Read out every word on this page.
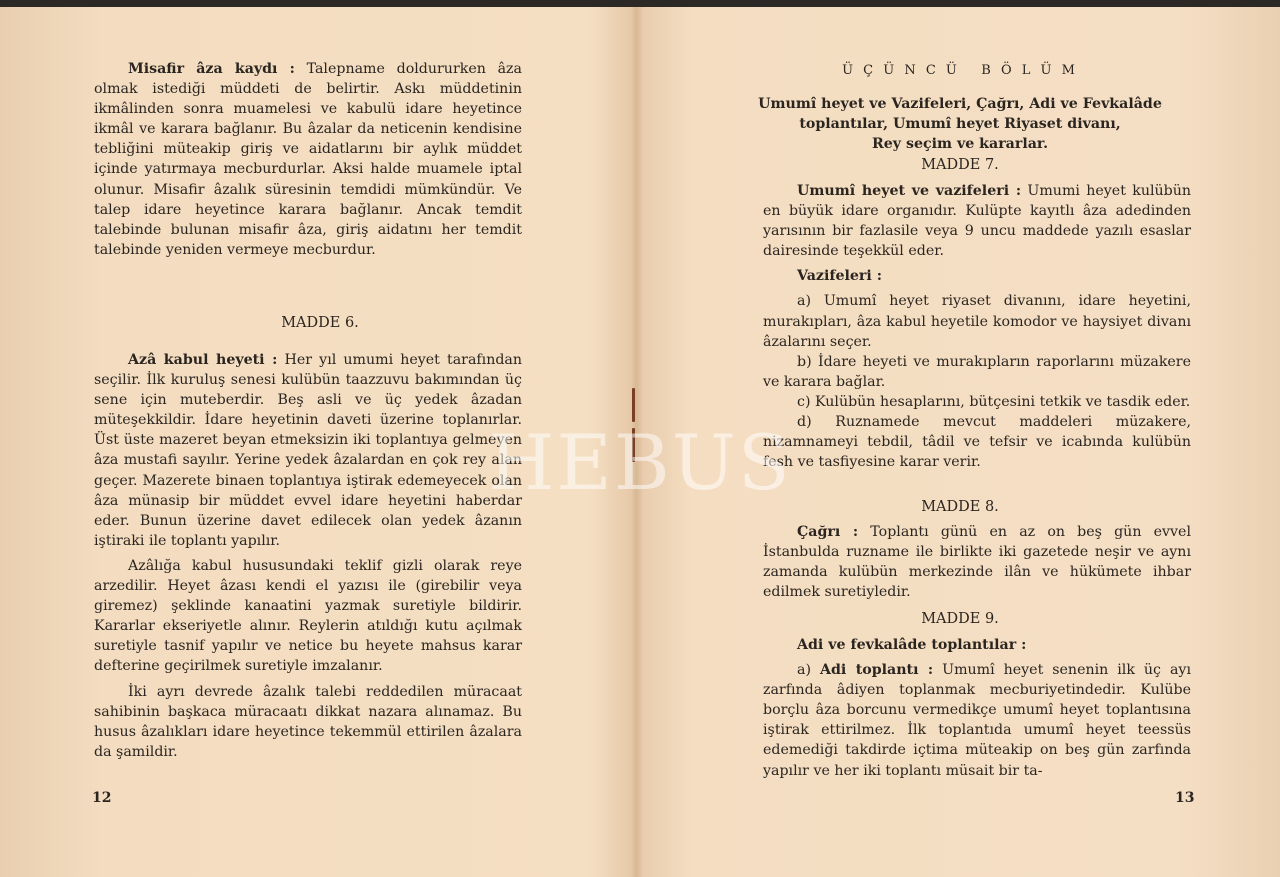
Misafir âza kaydı : Talepname doldururken âza olmak istediği müddeti de belirtir. Askı müddetinin ikmâlinden sonra muamelesi ve kabulü idare heyetince ikmâl ve karara bağlanır. Bu âzalar da neticenin kendisine tebliğini müteakip giriş ve aidatlarını bir aylık müddet içinde yatırmaya mecburdurlar. Aksi halde muamele iptal olunur. Misafir âzalık süresinin temdidi mümkündür. Ve talep idare heyetince karara bağlanır. Ancak temdit talebinde bulunan misafir âza, giriş aidatını her temdit talebinde yeniden vermeye mecburdur.

MADDE 6.

Azâ kabul heyeti : Her yıl umumi heyet tarafından seçilir. İlk kuruluş senesi kulübün taazzuvu bakımından üç sene için muteberdir. Beş asli ve üç yedek âzadan müteşekkildir. İdare heyetinin daveti üzerine toplanırlar. Üst üste mazeret beyan etmeksizin iki toplantıya gelmeyen âza mustafi sayılır. Yerine yedek âzalardan en çok rey alan geçer. Mazerete binaen toplantıya iştirak edemeyecek olan âza münasip bir müddet evvel idare heyetini haberdar eder. Bunun üzerine davet edilecek olan yedek âzanın iştiraki ile toplantı yapılır.

Azâlığa kabul hususundaki teklif gizli olarak reye arzedilir. Heyet âzası kendi el yazısı ile (girebilir veya giremez) şeklinde kanaatini yazmak suretiyle bildirir. Kararlar ekseriyetle alınır. Reylerin atıldığı kutu açılmak suretiyle tasnif yapılır ve netice bu heyete mahsus karar defterine geçirilmek suretiyle imzalanır.

İki ayrı devrede âzalık talebi reddedilen müracaat sahibinin başkaca müracaatı dikkat nazara alınamaz. Bu husus âzalıkları idare heyetince tekemmül ettirilen âzalara da şamildir.

12
Ü Ç Ü N C Ü   B Ö L Ü M
Umumî heyet ve Vazifeleri, Çağrı, Adi ve Fevkalâde
toplantılar, Umumî heyet Riyaset divanı,
Rey seçim ve kararlar.
MADDE 7.

Umumî heyet ve vazifeleri : Umumi heyet kulübün en büyük idare organıdır. Kulüpte kayıtlı âza adedinden yarısının bir fazlasile veya 9 uncu maddede yazılı esaslar dairesinde teşekkül eder.

Vazifeleri :

a) Umumî heyet riyaset divanını, idare heyetini, murakıpları, âza kabul heyetile komodor ve haysiyet divanı âzalarını seçer.

b) İdare heyeti ve murakıpların raporlarını müzakere ve karara bağlar.

c) Kulübün hesaplarını, bütçesini tetkik ve tasdik eder.

d) Ruznamede mevcut maddeleri müzakere, nizamnameyi tebdil, tâdil ve tefsir ve icabında kulübün fesh ve tasfiyesine karar verir.

MADDE 8.

Çağrı : Toplantı günü en az on beş gün evvel İstanbulda ruzname ile birlikte iki gazetede neşir ve aynı zamanda kulübün merkezinde ilân ve hükümete ihbar edilmek suretiyledir.

MADDE 9.

Adi ve fevkalâde toplantılar :

a) Adi toplantı : Umumî heyet senenin ilk üç ayı zarfında âdiyen toplanmak mecburiyetindedir. Kulübe borçlu âza borcunu vermedikçe umumî heyet toplantısına iştirak ettirilmez. İlk toplantıda umumî heyet teessüs edemediği takdirde içtima müteakip on beş gün zarfında yapılır ve her iki toplantı müsait bir ta-

13
HEBUS
